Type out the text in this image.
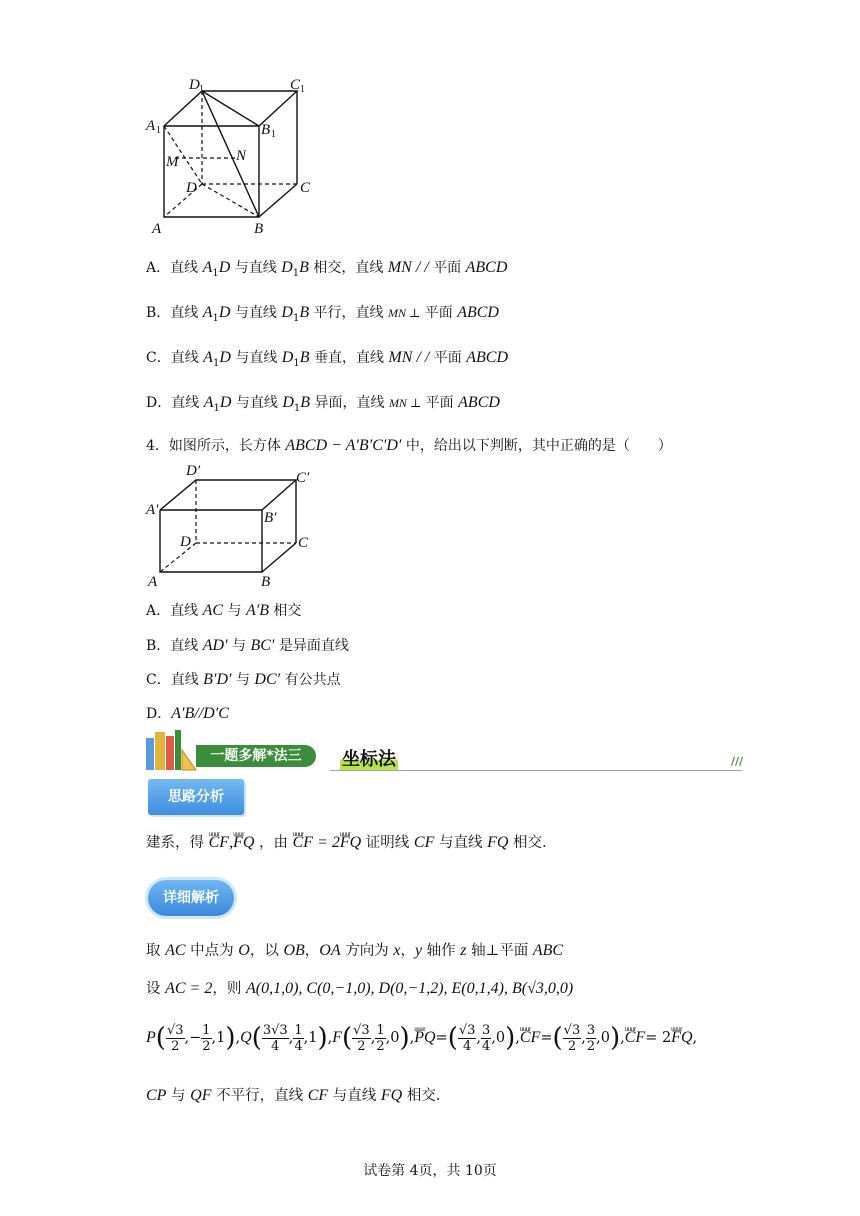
D 1	C 1
A 1	B 1
M	N
D	C
A	B
A．直线 $A_1D$ 与直线 $D_1B$ 相交，直线 MN / / 平面 ABCD
B．直线 $A_1D$ 与直线 $D_1B$ 平行，直线 MN ⊥ 平面 ABCD
C．直线 $A_1D$ 与直线 $D_1B$ 垂直，直线 MN / / 平面 ABCD
D．直线 $A_1D$ 与直线 $D_1B$ 异面，直线 MN ⊥ 平面 ABCD
4．如图所示，长方体 ABCD − A′B′C′D′ 中，给出以下判断，其中正确的是（　　）
D′	C′
A′	B′
D	C
A	B
A．直线 AC 与 A′B 相交
B．直线 AD′ 与 BC′ 是异面直线
C．直线 B′D′ 与 DC′ 有公共点
D．A′B//D′C
一题多解*法三	坐标法	///
思路分析
建系，得 uuur CF,uuur FQ ，由 uuur CF = 2uuur FQ 证明线 CF 与直线 FQ 相交.
详细解析
取 AC 中点为 O，以 OB，OA 方向为 x，y 轴作 z 轴⊥平面 ABC
设 AC = 2，则 A(0,1,0), C(0,−1,0), D(0,−1,2), E(0,1,4), B(√3,0,0)
$P( \frac{√3}{2}$ ,− $\frac{1}{2} ,1),Q( \frac{3√3}{4}$ , $\frac{1}{4} ,1),F( \frac{√3}{2}$ , $\frac{1}{2}$ ,0),uuur $PQ=( \frac{√3}{4}$ , $\frac{3}{4}$ ,0),uuur $CF=( \frac{√3}{2}$ , $\frac{3}{2}$ ,0),uuur CF= 2uuur FQ,
CP 与 QF 不平行，直线 CF 与直线 FQ 相交.
试卷第 4页，共 10页
